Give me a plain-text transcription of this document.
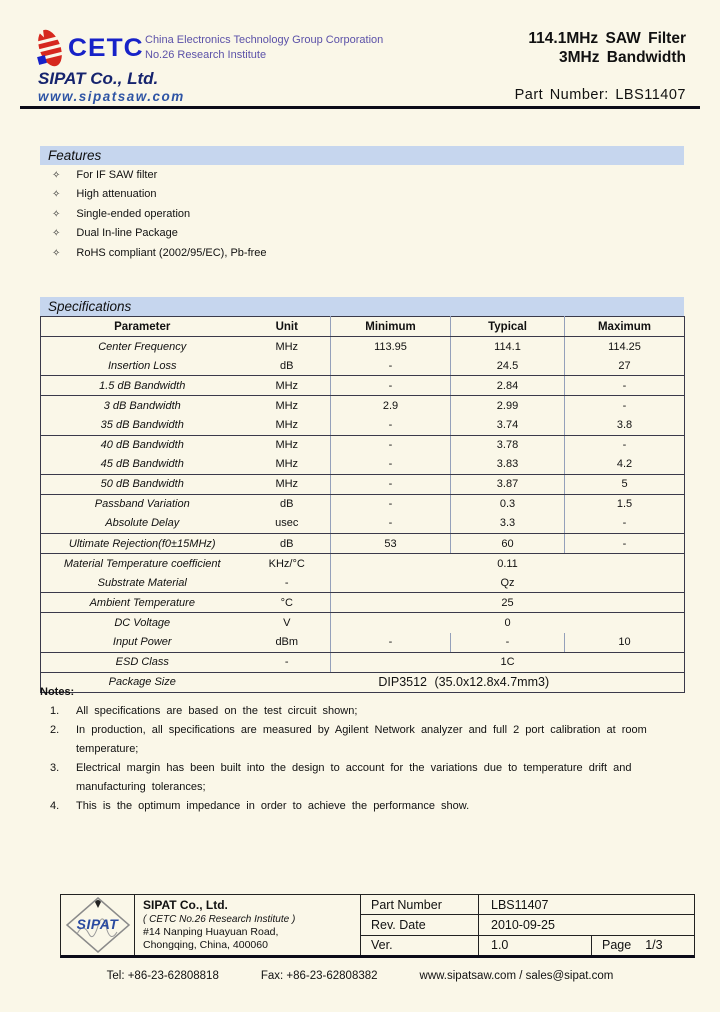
CETC China Electronics Technology Group Corporation
No.26 Research Institute
SIPAT Co., Ltd.
www.sipatsaw.com
114.1MHz SAW Filter
3MHz Bandwidth
Part Number: LBS11407
Features
✧ For IF SAW filter
✧ High attenuation
✧ Single-ended operation
✧ Dual In-line Package
✧ RoHS compliant (2002/95/EC), Pb-free
Specifications
Parameter	Unit	Minimum	Typical	Maximum
Center Frequency	MHz	113.95	114.1	114.25
Insertion Loss	dB	-	24.5	27
1.5 dB Bandwidth	MHz	-	2.84	-
3 dB Bandwidth	MHz	2.9	2.99	-
35 dB Bandwidth	MHz	-	3.74	3.8
40 dB Bandwidth	MHz	-	3.78	-
45 dB Bandwidth	MHz	-	3.83	4.2
50 dB Bandwidth	MHz	-	3.87	5
Passband Variation	dB	-	0.3	1.5
Absolute Delay	usec	-	3.3	-
Ultimate Rejection(f0±15MHz)	dB	53	60	-
Material Temperature coefficient	KHz/°C	0.11		
Substrate Material	-	Qz		
Ambient Temperature	°C	25		
DC Voltage	V	0		
Input Power	dBm	-	-	10
ESD Class	-	1C		
Package Size	DIP3512 (35.0x12.8x4.7mm3)			
Notes:
1.	All specifications are based on the test circuit shown;
2.	In production, all specifications are measured by Agilent Network analyzer and full 2 port calibration at room temperature;
3.	Electrical margin has been built into the design to account for the variations due to temperature drift and manufacturing tolerances;
4.	This is the optimum impedance in order to achieve the performance show.
SIPAT
SIPAT Co., Ltd.
( CETC No.26 Research Institute )
#14 Nanping Huayuan Road,
Chongqing, China, 400060
Part Number	LBS11407
Rev. Date	2010-09-25
Ver.	1.0	Page 1/3
Tel: +86-23-62808818	Fax: +86-23-62808382	www.sipatsaw.com / sales@sipat.com
